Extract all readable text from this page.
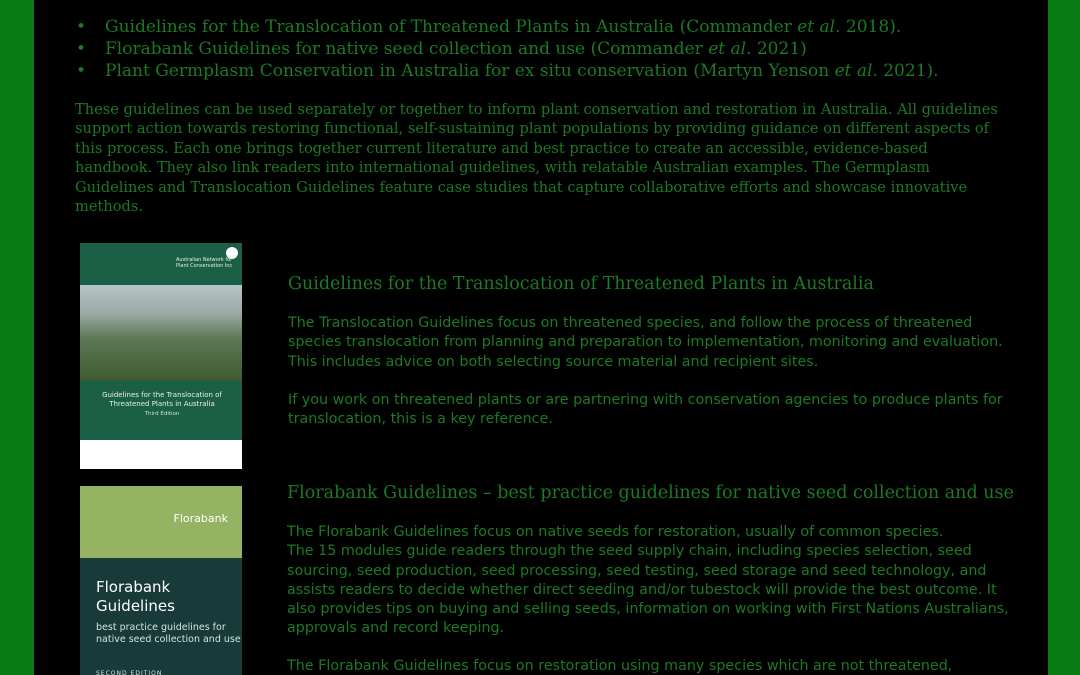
• Guidelines for the Translocation of Threatened Plants in Australia (Commander et al. 2018).
• Florabank Guidelines for native seed collection and use (Commander et al. 2021)
• Plant Germplasm Conservation in Australia for ex situ conservation (Martyn Yenson et al. 2021).

These guidelines can be used separately or together to inform plant conservation and restoration in Australia. All guidelines support action towards restoring functional, self-sustaining plant populations by providing guidance on different aspects of this process. Each one brings together current literature and best practice to create an accessible, evidence-based handbook. They also link readers into international guidelines, with relatable Australian examples. The Germplasm Guidelines and Translocation Guidelines feature case studies that capture collaborative efforts and showcase innovative methods.

Australian Network for Plant Conservation Inc
Guidelines for the Translocation of Threatened Plants in Australia
Third Edition
Guidelines for the Translocation of Threatened Plants in Australia

The Translocation Guidelines focus on threatened species, and follow the process of threatened species translocation from planning and preparation to implementation, monitoring and evaluation. This includes advice on both selecting source material and recipient sites.

If you work on threatened plants or are partnering with conservation agencies to produce plants for translocation, this is a key reference.

Florabank
Florabank
Guidelines
best practice guidelines for native seed collection and use
SECOND EDITION
Florabank Guidelines – best practice guidelines for native seed collection and use

The Florabank Guidelines focus on native seeds for restoration, usually of common species.
The 15 modules guide readers through the seed supply chain, including species selection, seed sourcing, seed production, seed processing, seed testing, seed storage and seed technology, and assists readers to decide whether direct seeding and/or tubestock will provide the best outcome. It also provides tips on buying and selling seeds, information on working with First Nations Australians, approvals and record keeping.

The Florabank Guidelines focus on restoration using many species which are not threatened,
